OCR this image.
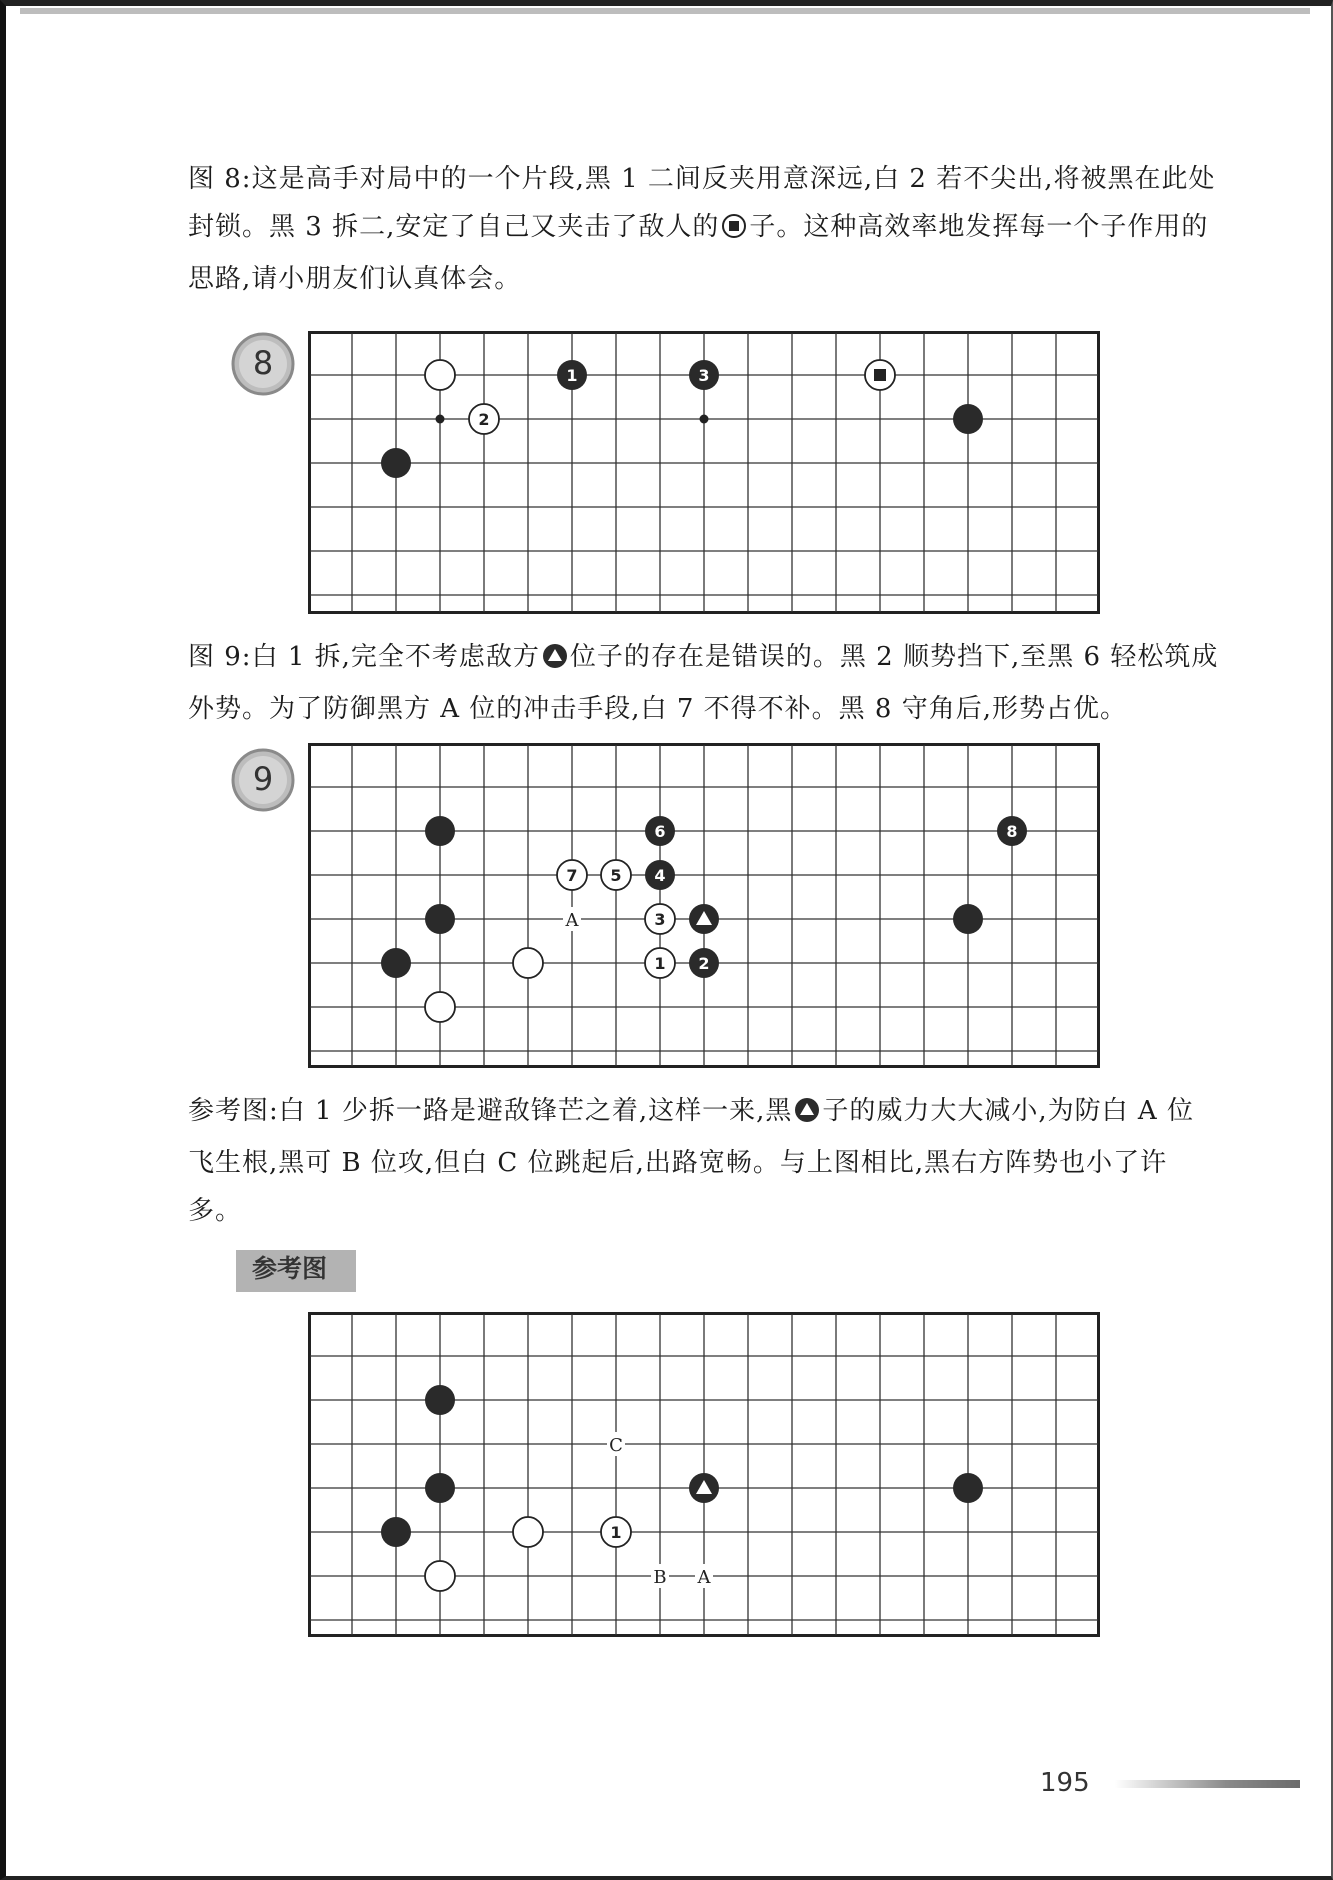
图 8:这是高手对局中的一个片段,黑 1 二间反夹用意深远,白 2 若不尖出,将被黑在此处封锁。黑 3 拆二,安定了自己又夹击了敌人的 子。这种高效率地发挥每一个子作用的思路,请小朋友们认真体会。
8	1	3
2
图 9:白 1 拆,完全不考虑敌方 位子的存在是错误的。黑 2 顺势挡下,至黑 6 轻松筑成外势。为了防御黑方 A 位的冲击手段,白 7 不得不补。黑 8 守角后,形势占优。
9
A
6	8
7 5 4
3
1 2
参考图:白 1 少拆一路是避敌锋芒之着,这样一来,黑 子的威力大大减小,为防白 A 位飞生根,黑可 B 位攻,但白 C 位跳起后,出路宽畅。与上图相比,黑右方阵势也小了许多。
参考图
C
B A
1
195
